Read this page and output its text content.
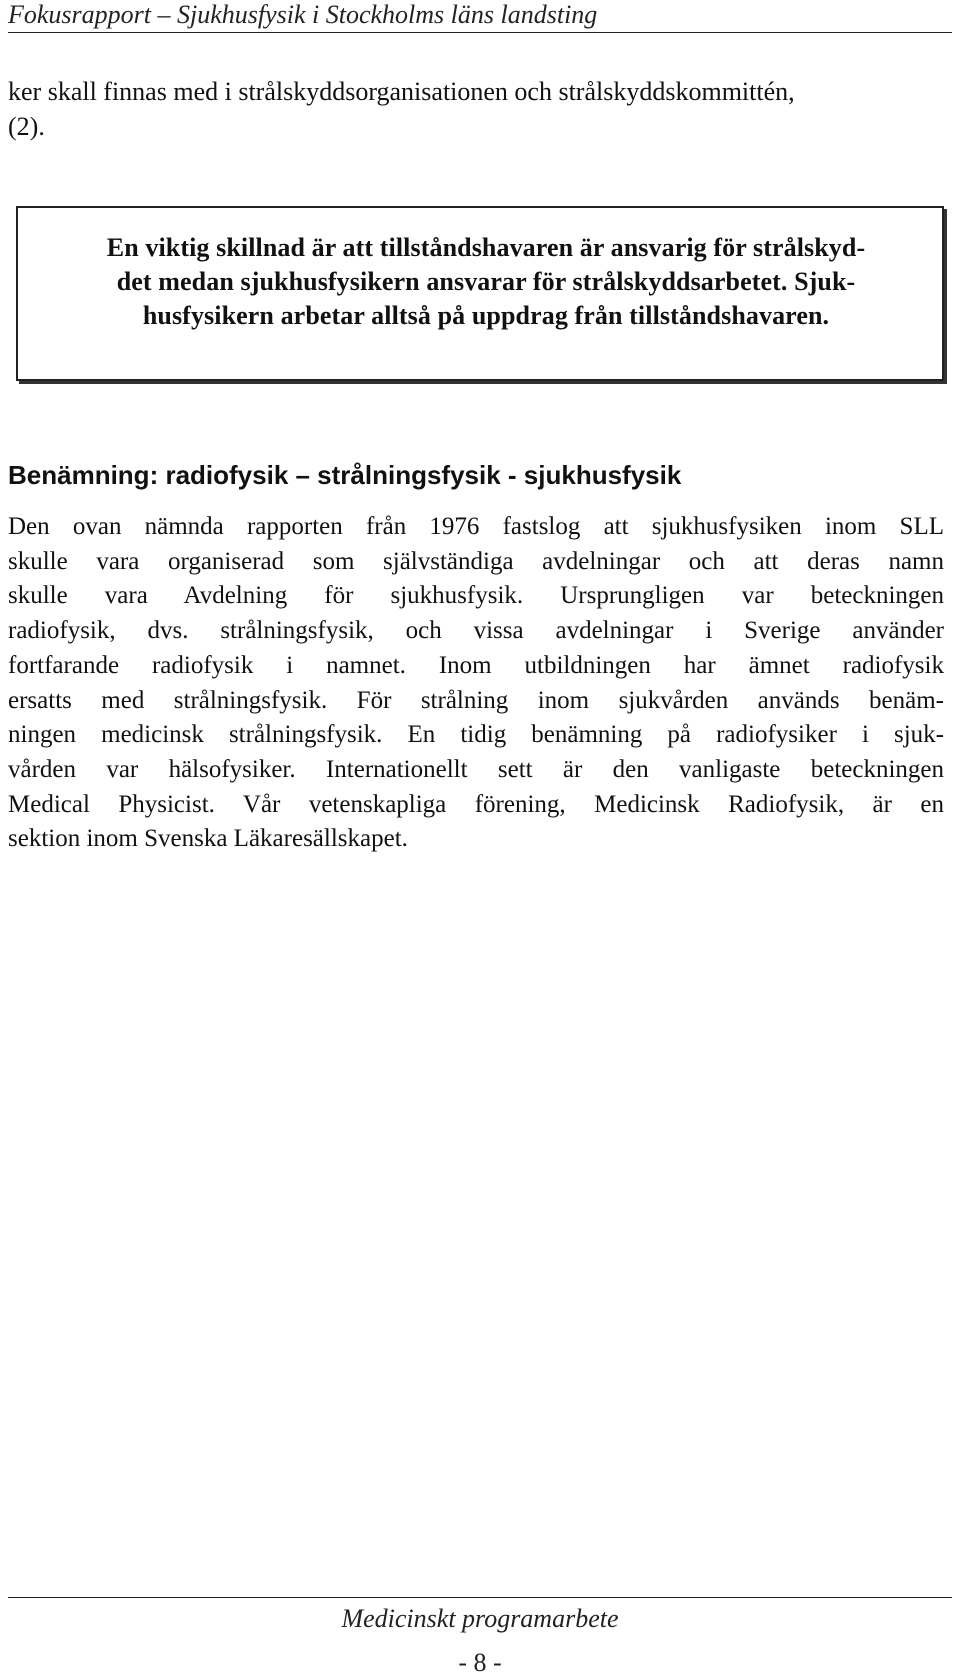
Fokusrapport – Sjukhusfysik i Stockholms läns landsting

ker skall finnas med i strålskyddsorganisationen och strålskyddskommittén,

(2).

En viktig skillnad är att tillståndshavaren är ansvarig för strålskyd-
det medan sjukhusfysikern ansvarar för strålskyddsarbetet. Sjuk-
husfysikern arbetar alltså på uppdrag från tillståndshavaren.
Benämning: radiofysik – strålningsfysik - sjukhusfysik
Den ovan nämnda rapporten från 1976 fastslog att sjukhusfysiken inom SLL
skulle vara organiserad som självständiga avdelningar och att deras namn
skulle vara Avdelning för sjukhusfysik. Ursprungligen var beteckningen
radiofysik, dvs. strålningsfysik, och vissa avdelningar i Sverige använder
fortfarande radiofysik i namnet. Inom utbildningen har ämnet radiofysik
ersatts med strålningsfysik. För strålning inom sjukvården används benäm-
ningen medicinsk strålningsfysik. En tidig benämning på radiofysiker i sjuk-
vården var hälsofysiker. Internationellt sett är den vanligaste beteckningen
Medical Physicist. Vår vetenskapliga förening, Medicinsk Radiofysik, är en
sektion inom Svenska Läkaresällskapet.
Medicinskt programarbete
- 8 -
